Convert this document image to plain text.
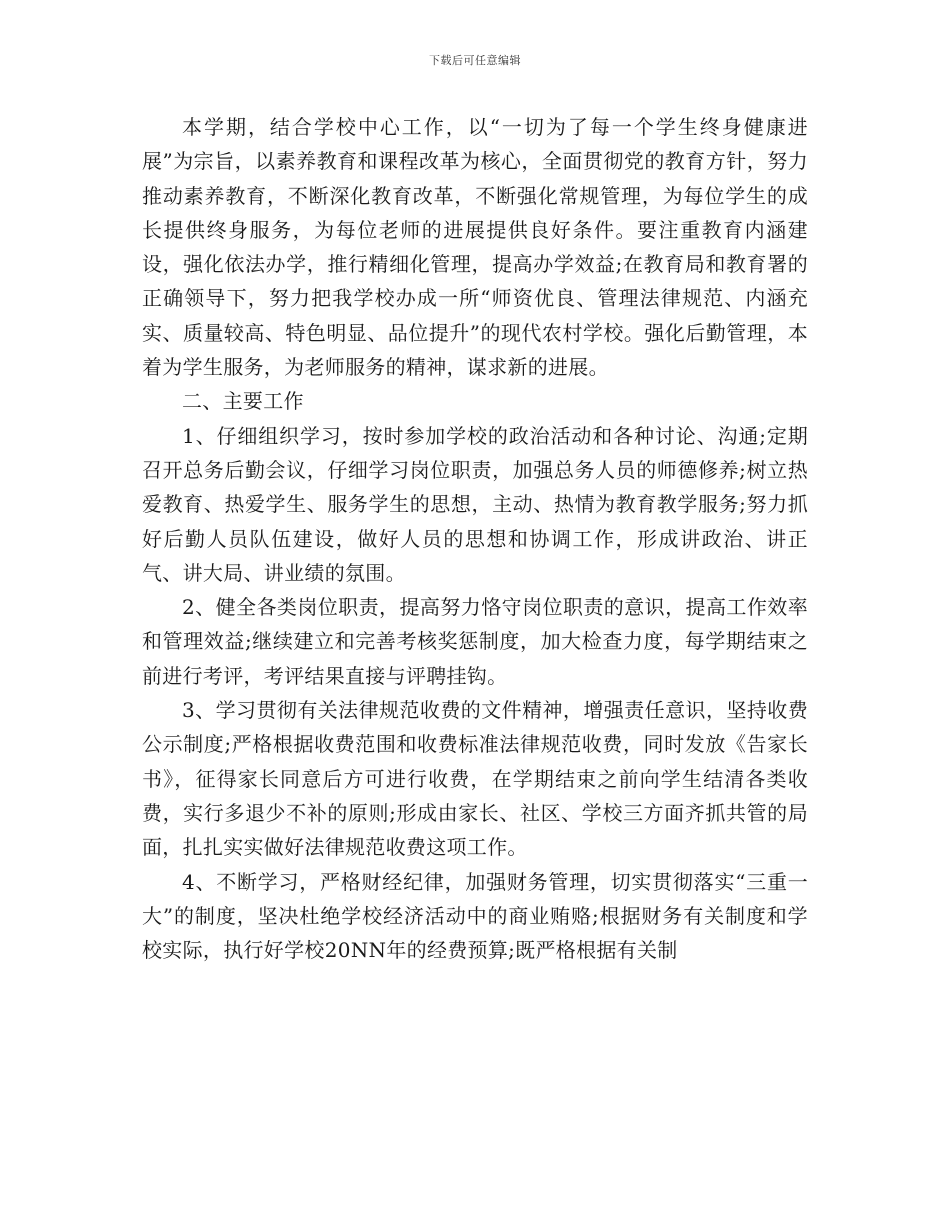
下载后可任意编辑

本学期，结合学校中心工作，以“一切为了每一个学生终身健康进展”为宗旨，以素养教育和课程改革为核心，全面贯彻党的教育方针，努力推动素养教育，不断深化教育改革，不断强化常规管理，为每位学生的成长提供终身服务，为每位老师的进展提供良好条件。要注重教育内涵建设，强化依法办学，推行精细化管理，提高办学效益;在教育局和教育署的正确领导下，努力把我学校办成一所“师资优良、管理法律规范、内涵充实、质量较高、特色明显、品位提升”的现代农村学校。强化后勤管理，本着为学生服务，为老师服务的精神，谋求新的进展。

二、主要工作

1、仔细组织学习，按时参加学校的政治活动和各种讨论、沟通;定期召开总务后勤会议，仔细学习岗位职责，加强总务人员的师德修养;树立热爱教育、热爱学生、服务学生的思想，主动、热情为教育教学服务;努力抓好后勤人员队伍建设，做好人员的思想和协调工作，形成讲政治、讲正气、讲大局、讲业绩的氛围。

2、健全各类岗位职责，提高努力恪守岗位职责的意识，提高工作效率和管理效益;继续建立和完善考核奖惩制度，加大检查力度，每学期结束之前进行考评，考评结果直接与评聘挂钩。

3、学习贯彻有关法律规范收费的文件精神，增强责任意识，坚持收费公示制度;严格根据收费范围和收费标准法律规范收费，同时发放《告家长书》，征得家长同意后方可进行收费，在学期结束之前向学生结清各类收费，实行多退少不补的原则;形成由家长、社区、学校三方面齐抓共管的局面，扎扎实实做好法律规范收费这项工作。

4、不断学习，严格财经纪律，加强财务管理，切实贯彻落实“三重一大”的制度，坚决杜绝学校经济活动中的商业贿赂;根据财务有关制度和学校实际，执行好学校20NN年的经费预算;既严格根据有关制
